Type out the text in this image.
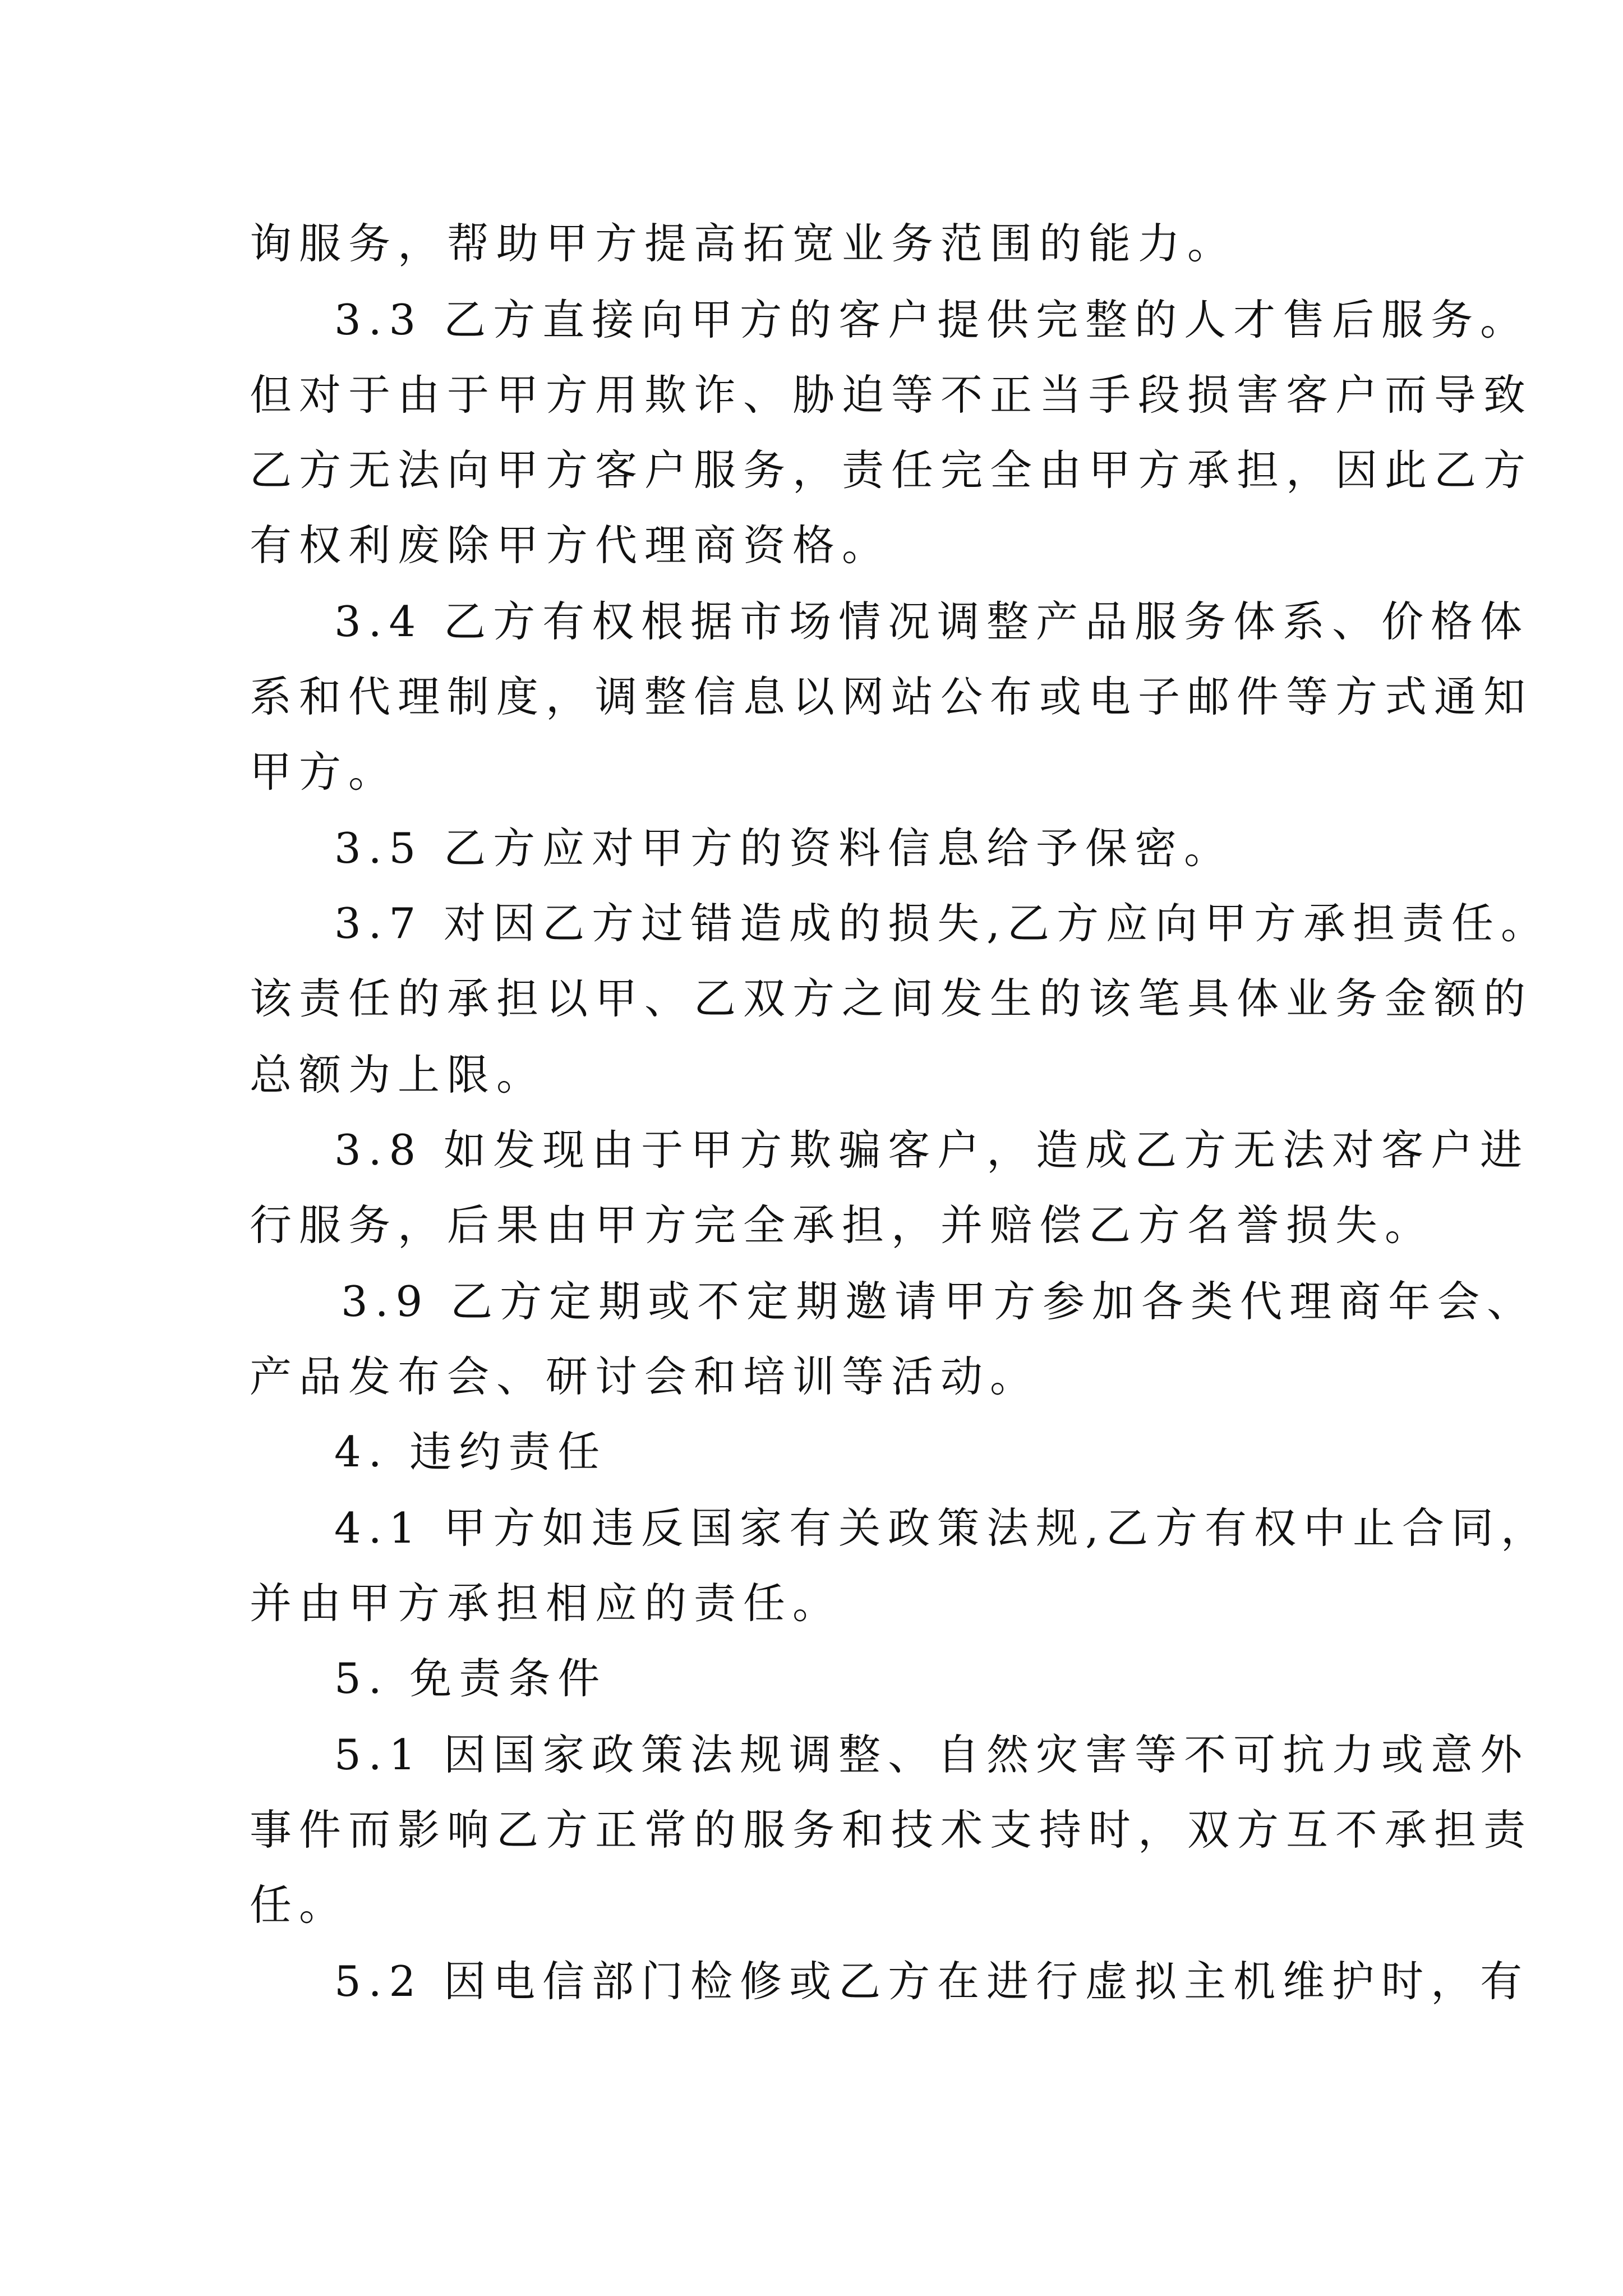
询服务，帮助甲方提高拓宽业务范围的能力。

3.3 乙方直接向甲方的客户提供完整的人才售后服务。

但对于由于甲方用欺诈、胁迫等不正当手段损害客户而导致

乙方无法向甲方客户服务，责任完全由甲方承担，因此乙方

有权利废除甲方代理商资格。

3.4 乙方有权根据市场情况调整产品服务体系、价格体

系和代理制度，调整信息以网站公布或电子邮件等方式通知

甲方。

3.5 乙方应对甲方的资料信息给予保密。

3.7 对因乙方过错造成的损失,乙方应向甲方承担责任。

该责任的承担以甲、乙双方之间发生的该笔具体业务金额的

总额为上限。

3.8 如发现由于甲方欺骗客户，造成乙方无法对客户进

行服务，后果由甲方完全承担，并赔偿乙方名誉损失。

3.9 乙方定期或不定期邀请甲方参加各类代理商年会、

产品发布会、研讨会和培训等活动。

4. 违约责任

4.1 甲方如违反国家有关政策法规,乙方有权中止合同，

并由甲方承担相应的责任。

5. 免责条件

5.1 因国家政策法规调整、自然灾害等不可抗力或意外

事件而影响乙方正常的服务和技术支持时，双方互不承担责

任。

5.2 因电信部门检修或乙方在进行虚拟主机维护时，有
